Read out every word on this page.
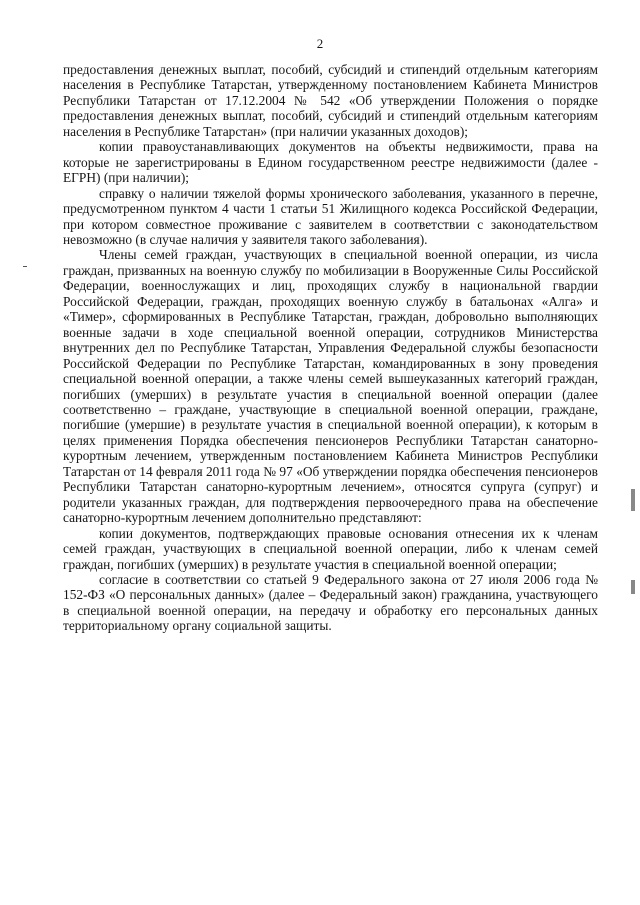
2

предоставления денежных выплат, пособий, субсидий и стипендий отдельным категориям населения в Республике Татарстан, утвержденному постановлением Кабинета Министров Республики Татарстан от 17.12.2004 № 542 «Об утверждении Положения о порядке предоставления денежных выплат, пособий, субсидий и стипендий отдельным категориям населения в Республике Татарстан» (при наличии указанных доходов);

копии правоустанавливающих документов на объекты недвижимости, права на которые не зарегистрированы в Едином государственном реестре недвижимости (далее - ЕГРН) (при наличии);

справку о наличии тяжелой формы хронического заболевания, указанного в перечне, предусмотренном пунктом 4 части 1 статьи 51 Жилищного кодекса Российской Федерации, при котором совместное проживание с заявителем в соответствии с законодательством невозможно (в случае наличия у заявителя такого заболевания).

Члены семей граждан, участвующих в специальной военной операции, из числа граждан, призванных на военную службу по мобилизации в Вооруженные Силы Российской Федерации, военнослужащих и лиц, проходящих службу в национальной гвардии Российской Федерации, граждан, проходящих военную службу в батальонах «Алга» и «Тимер», сформированных в Республике Татарстан, граждан, добровольно выполняющих военные задачи в ходе специальной военной операции, сотрудников Министерства внутренних дел по Республике Татарстан, Управления Федеральной службы безопасности Российской Федерации по Республике Татарстан, командированных в зону проведения специальной военной операции, а также члены семей вышеуказанных категорий граждан, погибших (умерших) в результате участия в специальной военной операции (далее соответственно – граждане, участвующие в специальной военной операции, граждане, погибшие (умершие) в результате участия в специальной военной операции), к которым в целях применения Порядка обеспечения пенсионеров Республики Татарстан санаторно-курортным лечением, утвержденным постановлением Кабинета Министров Республики Татарстан от 14 февраля 2011 года № 97 «Об утверждении порядка обеспечения пенсионеров Республики Татарстан санаторно-курортным лечением», относятся супруга (супруг) и родители указанных граждан, для подтверждения первоочередного права на обеспечение санаторно-курортным лечением дополнительно представляют:

копии документов, подтверждающих правовые основания отнесения их к членам семей граждан, участвующих в специальной военной операции, либо к членам семей граждан, погибших (умерших) в результате участия в специальной военной операции;

согласие в соответствии со статьей 9 Федерального закона от 27 июля 2006 года № 152-ФЗ «О персональных данных» (далее – Федеральный закон) гражданина, участвующего в специальной военной операции, на передачу и обработку его персональных данных территориальному органу социальной защиты.
